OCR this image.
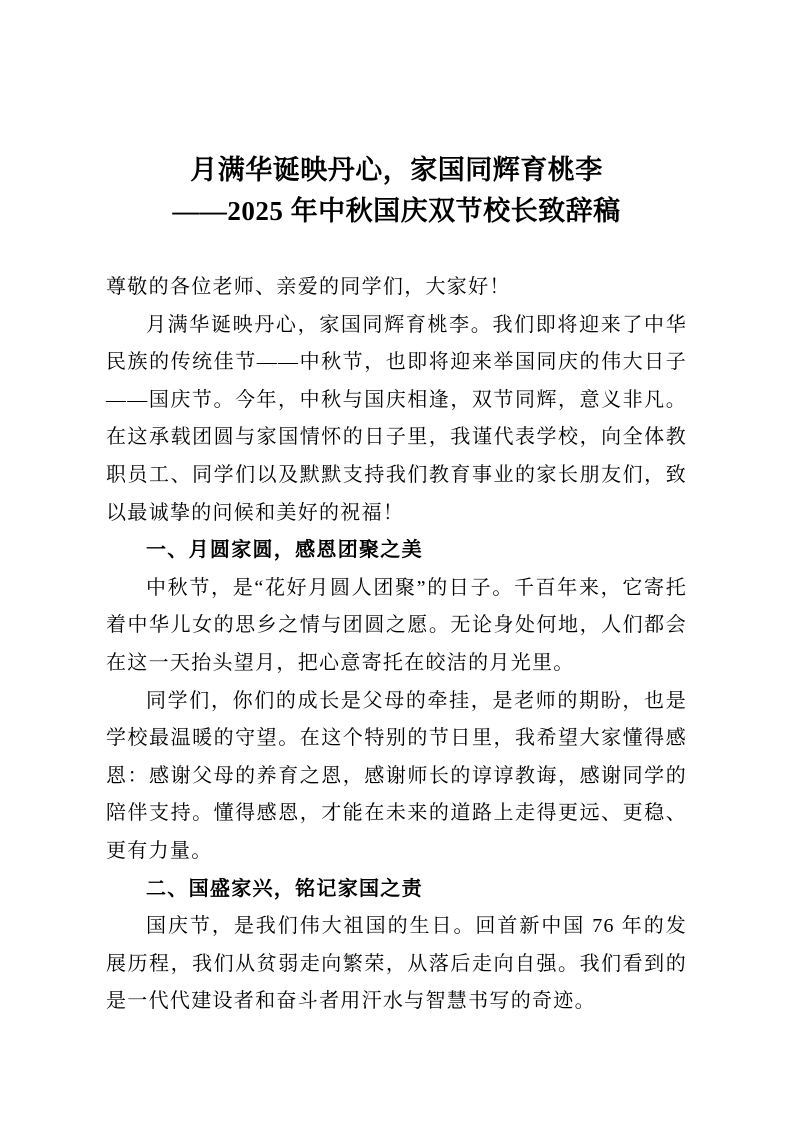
月满华诞映丹心，家国同辉育桃李
——2025 年中秋国庆双节校长致辞稿

尊敬的各位老师、亲爱的同学们，大家好！

月满华诞映丹心，家国同辉育桃李。我们即将迎来了中华民族的传统佳节——中秋节，也即将迎来举国同庆的伟大日子——国庆节。今年，中秋与国庆相逢，双节同辉，意义非凡。在这承载团圆与家国情怀的日子里，我谨代表学校，向全体教职员工、同学们以及默默支持我们教育事业的家长朋友们，致以最诚挚的问候和美好的祝福！

一、月圆家圆，感恩团聚之美

中秋节，是“花好月圆人团聚”的日子。千百年来，它寄托着中华儿女的思乡之情与团圆之愿。无论身处何地，人们都会在这一天抬头望月，把心意寄托在皎洁的月光里。

同学们，你们的成长是父母的牵挂，是老师的期盼，也是学校最温暖的守望。在这个特别的节日里，我希望大家懂得感恩：感谢父母的养育之恩，感谢师长的谆谆教诲，感谢同学的陪伴支持。懂得感恩，才能在未来的道路上走得更远、更稳、更有力量。

二、国盛家兴，铭记家国之责

国庆节，是我们伟大祖国的生日。回首新中国 76 年的发展历程，我们从贫弱走向繁荣，从落后走向自强。我们看到的是一代代建设者和奋斗者用汗水与智慧书写的奇迹。
